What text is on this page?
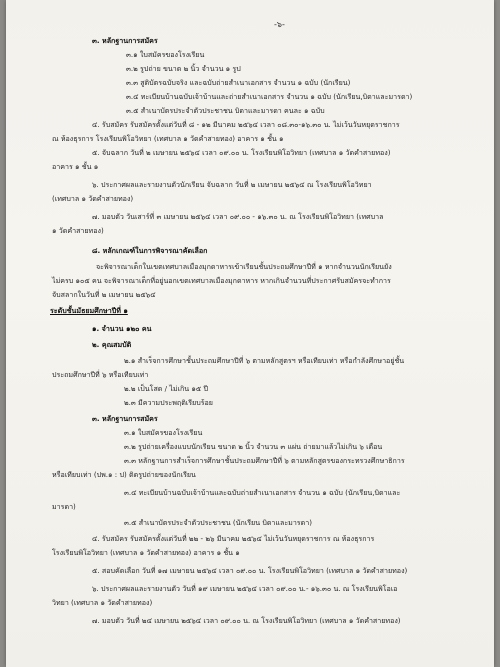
-๖-
๓. หลักฐานการสมัคร
๓.๑ ใบสมัครของโรงเรียน
๓.๒ รูปถ่าย ขนาด ๒ นิ้ว จำนวน ๑ รูป
๓.๓ สูติบัตรฉบับจริง และฉบับถ่ายสำเนาเอกสาร จำนวน ๑ ฉบับ (นักเรียน)
๓.๔ ทะเบียนบ้านฉบับเจ้าบ้านและถ่ายสำเนาเอกสาร จำนวน ๑ ฉบับ (นักเรียน,บิดาและมารดา)
๓.๕ สำเนาบัตรประจำตัวประชาชน บิดาและมารดา คนละ ๑ ฉบับ
๔. รับสมัคร รับสมัครตั้งแต่วันที่ ๘ - ๑๒ มีนาคม ๒๕๖๔ เวลา ๐๘.๓๐-๑๖.๓๐ น. ไม่เว้นวันหยุดราชการ
ณ ห้องธุรการ โรงเรียนพิโอวิทยา (เทศบาล ๑ วัดคำสายทอง) อาคาร ๑ ชั้น ๑
๕. จับฉลาก วันที่ ๒ เมษายน ๒๕๖๔ เวลา ๐๙.๐๐ น. โรงเรียนพิโอวิทยา (เทศบาล ๑ วัดคำสายทอง)
อาคาร ๑ ชั้น ๑
๖. ประกาศผลและรายงานตัวนักเรียน จับฉลาก วันที่ ๒ เมษายน ๒๕๖๔ ณ โรงเรียนพิโอวิทยา
(เทศบาล ๑ วัดคำสายทอง)
๗. มอบตัว วันเสาร์ที่ ๓ เมษายน ๒๕๖๔ เวลา ๐๙.๐๐ - ๑๖.๓๐ น. ณ โรงเรียนพิโอวิทยา (เทศบาล
๑ วัดคำสายทอง)
๘. หลักเกณฑ์ในการพิจารณาคัดเลือก
จะพิจารณาเด็กในเขตเทศบาลเมืองมุกดาหารเข้าเรียนชั้นประถมศึกษาปีที่ ๑ หากจำนวนนักเรียนยัง
ไม่ครบ ๑๐๕ คน จะพิจารณาเด็กที่อยู่นอกเขตเทศบาลเมืองมุกดาหาร หากเกินจำนวนที่ประกาศรับสมัครจะทำการ
จับสลากในวันที่ ๒ เมษายน ๒๕๖๔
ระดับชั้นมัธยมศึกษาปีที่ ๑
๑. จำนวน ๑๒๐ คน
๒. คุณสมบัติ
๒.๑ สำเร็จการศึกษาชั้นประถมศึกษาปีที่ ๖ ตามหลักสูตรฯ หรือเทียบเท่า หรือกำลังศึกษาอยู่ชั้น
ประถมศึกษาปีที่ ๖ หรือเทียบเท่า
๒.๒ เป็นโสด / ไม่เกิน ๑๕ ปี
๒.๓ มีความประพฤติเรียบร้อย
๓. หลักฐานการสมัคร
๓.๑ ใบสมัครของโรงเรียน
๓.๒ รูปถ่ายเครื่องแบบนักเรียน ขนาด ๒ นิ้ว จำนวน ๓ แผ่น ถ่ายมาแล้วไม่เกิน ๖ เดือน
๓.๓ หลักฐานการสำเร็จการศึกษาชั้นประถมศึกษาปีที่ ๖ ตามหลักสูตรของกระทรวงศึกษาธิการ
หรือเทียบเท่า (ปพ.๑ : ป) ติดรูปถ่ายของนักเรียน
๓.๔ ทะเบียนบ้านฉบับเจ้าบ้านและฉบับถ่ายสำเนาเอกสาร จำนวน ๑ ฉบับ (นักเรียน,บิดาและ
มารดา)
๓.๕ สำเนาบัตรประจำตัวประชาชน (นักเรียน บิดาและมารดา)
๔. รับสมัคร รับสมัครตั้งแต่วันที่ ๒๒ - ๒๖ มีนาคม ๒๕๖๔ ไม่เว้นวันหยุดราชการ ณ ห้องธุรการ
โรงเรียนพิโอวิทยา (เทศบาล ๑ วัดคำสายทอง) อาคาร ๑ ชั้น ๑
๕. สอบคัดเลือก วันที่ ๑๗ เมษายน ๒๕๖๔ เวลา ๐๙.๐๐ น. โรงเรียนพิโอวิทยา (เทศบาล ๑ วัดคำสายทอง)
๖. ประกาศผลและรายงานตัว วันที่ ๑๙ เมษายน ๒๕๖๔ เวลา ๐๙.๐๐ น.- ๑๖.๓๐ น. ณ โรงเรียนพิโอเอ
วิทยา (เทศบาล ๑ วัดคำสายทอง)
๗. มอบตัว วันที่ ๒๔ เมษายน ๒๕๖๔ เวลา ๐๙.๐๐ น. ณ โรงเรียนพิโอวิทยา (เทศบาล ๑ วัดคำสายทอง)
